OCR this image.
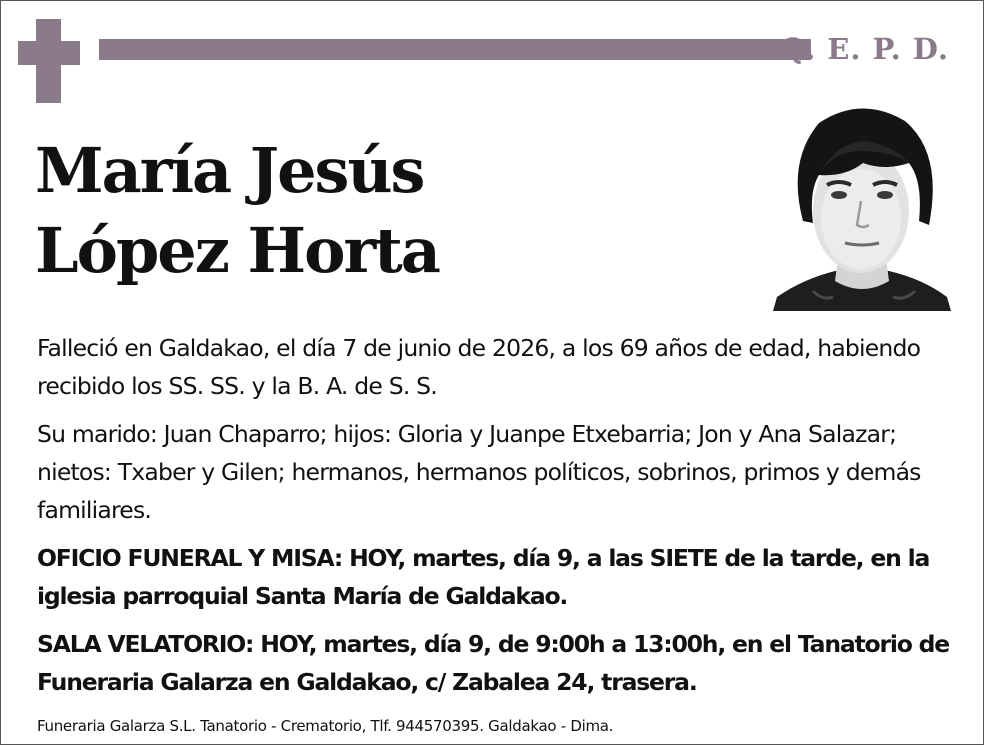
Q. E. P. D.
María Jesús
López Horta

Falleció en Galdakao, el día 7 de junio de 2026, a los 69 años de edad, habiendo recibido los SS. SS. y la B. A. de S. S.

Su marido: Juan Chaparro; hijos: Gloria y Juanpe Etxebarria; Jon y Ana Salazar; nietos: Txaber y Gilen; hermanos, hermanos políticos, sobrinos, primos y demás familiares.

OFICIO FUNERAL Y MISA: HOY, martes, día 9, a las SIETE de la tarde, en la iglesia parroquial Santa María de Galdakao.

SALA VELATORIO: HOY, martes, día 9, de 9:00h a 13:00h, en el Tanatorio de Funeraria Galarza en Galdakao, c/ Zabalea 24, trasera.

Funeraria Galarza S.L. Tanatorio - Crematorio, Tlf. 944570395. Galdakao - Dima.
